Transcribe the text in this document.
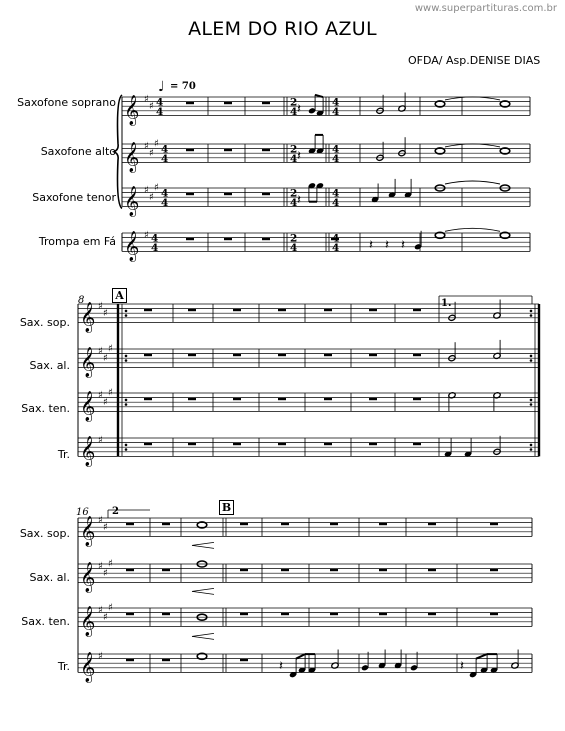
www.superpartituras.com.br
ALEM DO RIO AZUL
OFDA/ Asp.DENISE DIAS
♩ = 70
Saxofone soprano
Saxofone alto
Saxofone tenor
Trompa em Fá
8
Sax. sop.
Sax. al.
Sax. ten.
Tr.
A
1.
16
Sax. sop.
Sax. al.
Sax. ten.
Tr.
B
2
𝄞 ♯
♯ 4
4
𝄞 ♯
♯
♯ 4
4
𝄞 ♯
♯
♯ 4
4
𝄞 ♯ 4
4
2
4
4
4
2
4
4
4
2
4
4
4
2
4	4
𝄽
𝄽
𝄽
𝄽 𝄽 𝄽
𝄞
𝄞
𝄞
𝄞
♯
♯
♯
♯
♯
♯
♯
♯
♯
𝄞
𝄞
𝄞
𝄞
♯
♯
♯
♯
♯
♯
♯
♯
♯
𝄽	𝄽
